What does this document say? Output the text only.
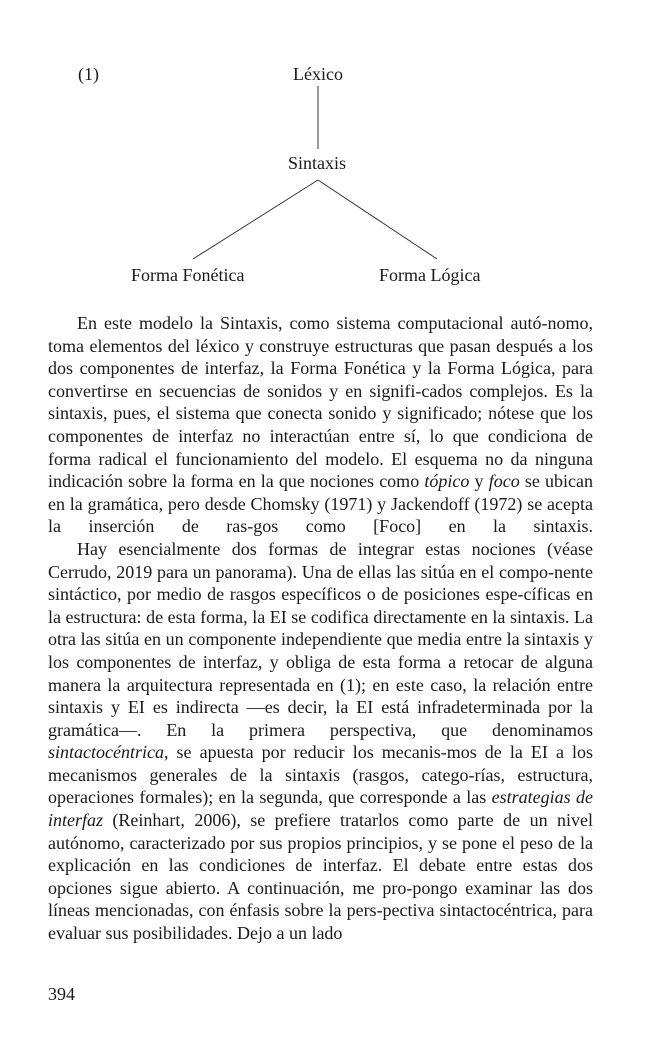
(1)	Léxico
Sintaxis
Forma Fonética	Forma Lógica

En este modelo la Sintaxis, como sistema computacional autó-nomo, toma elementos del léxico y construye estructuras que pasan después a los dos componentes de interfaz, la Forma Fonética y la Forma Lógica, para convertirse en secuencias de sonidos y en signifi-cados complejos. Es la sintaxis, pues, el sistema que conecta sonido y significado; nótese que los componentes de interfaz no interactúan entre sí, lo que condiciona de forma radical el funcionamiento del modelo. El esquema no da ninguna indicación sobre la forma en la que nociones como tópico y foco se ubican en la gramática, pero desde Chomsky (1971) y Jackendoff (1972) se acepta la inserción de ras-gos como [Foco] en la sintaxis.

Hay esencialmente dos formas de integrar estas nociones (véase Cerrudo, 2019 para un panorama). Una de ellas las sitúa en el compo-nente sintáctico, por medio de rasgos específicos o de posiciones espe-cíficas en la estructura: de esta forma, la EI se codifica directamente en la sintaxis. La otra las sitúa en un componente independiente que media entre la sintaxis y los componentes de interfaz, y obliga de esta forma a retocar de alguna manera la arquitectura representada en (1); en este caso, la relación entre sintaxis y EI es indirecta —es decir, la EI está infradeterminada por la gramática—. En la primera perspectiva, que denominamos sintactocéntrica, se apuesta por reducir los mecanis-mos de la EI a los mecanismos generales de la sintaxis (rasgos, catego-rías, estructura, operaciones formales); en la segunda, que corresponde a las estrategias de interfaz (Reinhart, 2006), se prefiere tratarlos como parte de un nivel autónomo, caracterizado por sus propios principios, y se pone el peso de la explicación en las condiciones de interfaz. El debate entre estas dos opciones sigue abierto. A continuación, me pro-pongo examinar las dos líneas mencionadas, con énfasis sobre la pers-pectiva sintactocéntrica, para evaluar sus posibilidades. Dejo a un lado

394
